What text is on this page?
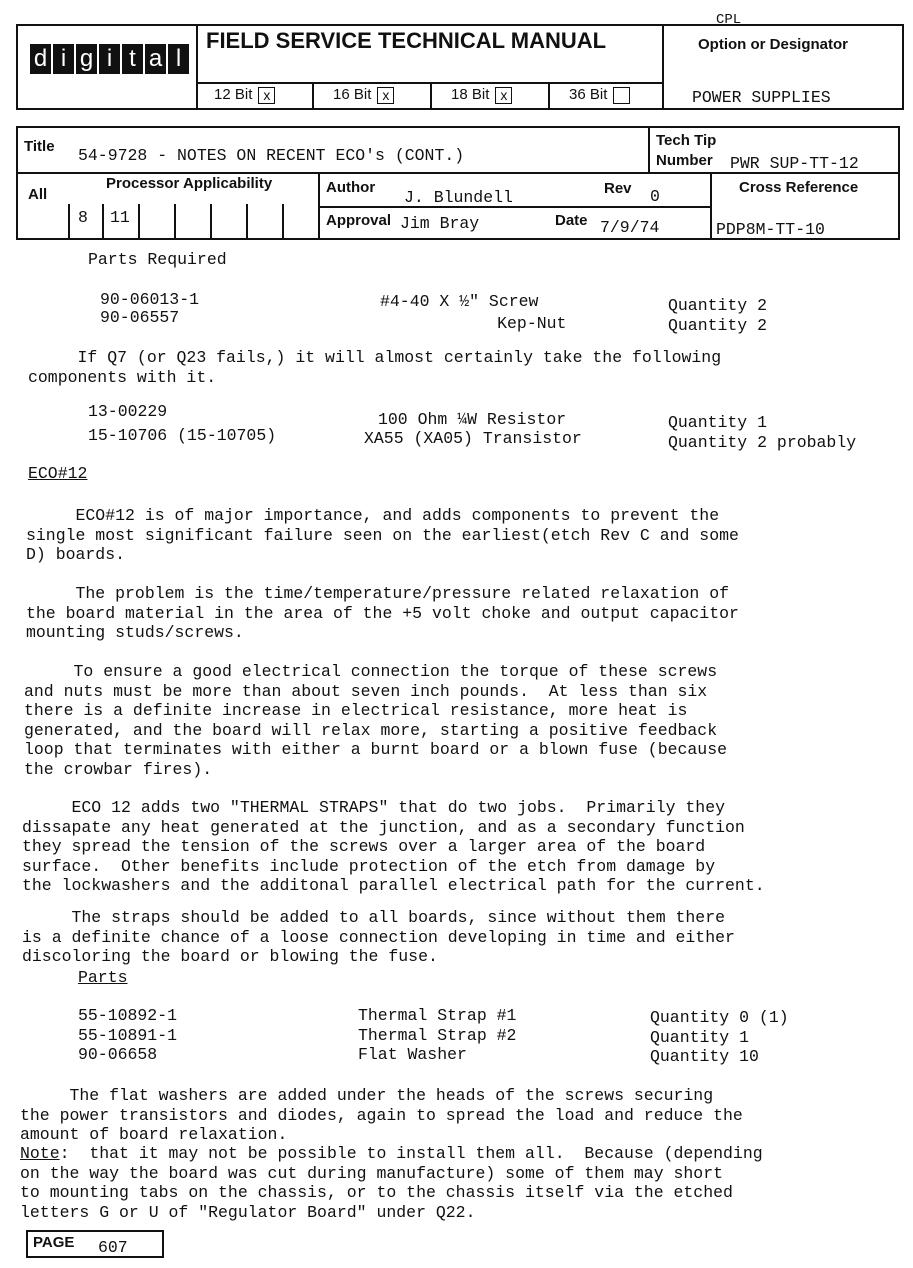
CPL
d i g i t a l
FIELD SERVICE TECHNICAL MANUAL
12 Bit x	16 Bit x	18 Bit x	36 Bit
Option or Designator
POWER SUPPLIES
Title 54-9728 - NOTES ON RECENT ECO's (CONT.)
Tech Tip
Number PWR SUP-TT-12
All
Processor Applicability
8 11
Author
J. Blundell	Rev 0
Approval Jim Bray	Date 7/9/74
Cross Reference
PDP8M-TT-10
Parts Required
90-06013-1	#4-40 X ½" Screw	Quantity 2
90-06557	Kep-Nut	Quantity 2
If Q7 (or Q23 fails,) it will almost certainly take the following
components with it.
13-00229	100 Ohm ¼W Resistor	Quantity 1
15-10706 (15-10705)	XA55 (XA05) Transistor	Quantity 2 probably
ECO#12
ECO#12 is of major importance, and adds components to prevent the
single most significant failure seen on the earliest(etch Rev C and some
D) boards.
The problem is the time/temperature/pressure related relaxation of
the board material in the area of the +5 volt choke and output capacitor
mounting studs/screws.
To ensure a good electrical connection the torque of these screws
and nuts must be more than about seven inch pounds.  At less than six
there is a definite increase in electrical resistance, more heat is
generated, and the board will relax more, starting a positive feedback
loop that terminates with either a burnt board or a blown fuse (because
the crowbar fires).
ECO 12 adds two "THERMAL STRAPS" that do two jobs.  Primarily they
dissapate any heat generated at the junction, and as a secondary function
they spread the tension of the screws over a larger area of the board
surface.  Other benefits include protection of the etch from damage by
the lockwashers and the additonal parallel electrical path for the current.
The straps should be added to all boards, since without them there
is a definite chance of a loose connection developing in time and either
discoloring the board or blowing the fuse.
Parts
55-10892-1	Thermal Strap #1	Quantity 0 (1)
55-10891-1	Thermal Strap #2	Quantity 1
90-06658	Flat Washer	Quantity 10
The flat washers are added under the heads of the screws securing
the power transistors and diodes, again to spread the load and reduce the
amount of board relaxation.
Note:  that it may not be possible to install them all.  Because (depending
on the way the board was cut during manufacture) some of them may short
to mounting tabs on the chassis, or to the chassis itself via the etched
letters G or U of "Regulator Board" under Q22.
PAGE 607
